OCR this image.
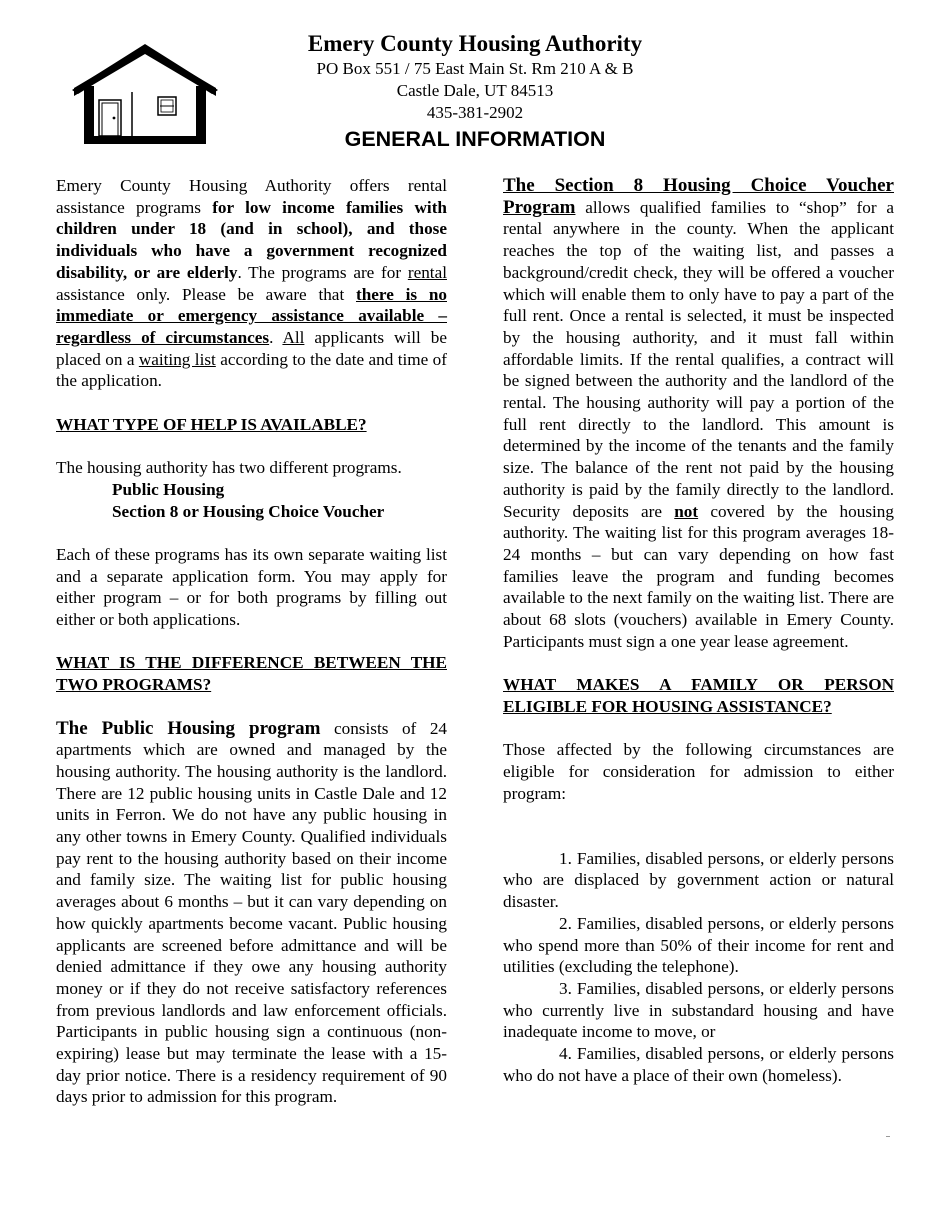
Emery County Housing Authority
PO Box 551 / 75 East Main St. Rm 210 A & B
Castle Dale, UT 84513
435-381-2902
GENERAL INFORMATION

Emery County Housing Authority offers rental assistance programs for low income families with children under 18 (and in school), and those individuals who have a government recognized disability, or are elderly. The programs are for rental assistance only. Please be aware that there is no immediate or emergency assistance available – regardless of circumstances. All applicants will be placed on a waiting list according to the date and time of the application.

WHAT TYPE OF HELP IS AVAILABLE?

The housing authority has two different programs.

Public Housing

Section 8 or Housing Choice Voucher

Each of these programs has its own separate waiting list and a separate application form. You may apply for either program – or for both programs by filling out either or both applications.

WHAT IS THE DIFFERENCE BETWEEN THE TWO PROGRAMS?

The Public Housing program consists of 24 apartments which are owned and managed by the housing authority. The housing authority is the landlord. There are 12 public housing units in Castle Dale and 12 units in Ferron. We do not have any public housing in any other towns in Emery County. Qualified individuals pay rent to the housing authority based on their income and family size. The waiting list for public housing averages about 6 months – but it can vary depending on how quickly apartments become vacant. Public housing applicants are screened before admittance and will be denied admittance if they owe any housing authority money or if they do not receive satisfactory references from previous landlords and law enforcement officials. Participants in public housing sign a continuous (non-expiring) lease but may terminate the lease with a 15-day prior notice. There is a residency requirement of 90 days prior to admission for this program.

The Section 8 Housing Choice Voucher Program allows qualified families to “shop” for a rental anywhere in the county. When the applicant reaches the top of the waiting list, and passes a background/credit check, they will be offered a voucher which will enable them to only have to pay a part of the full rent. Once a rental is selected, it must be inspected by the housing authority, and it must fall within affordable limits. If the rental qualifies, a contract will be signed between the authority and the landlord of the rental. The housing authority will pay a portion of the full rent directly to the landlord. This amount is determined by the income of the tenants and the family size. The balance of the rent not paid by the housing authority is paid by the family directly to the landlord. Security deposits are not covered by the housing authority. The waiting list for this program averages 18-24 months – but can vary depending on how fast families leave the program and funding becomes available to the next family on the waiting list. There are about 68 slots (vouchers) available in Emery County. Participants must sign a one year lease agreement.

WHAT MAKES A FAMILY OR PERSON ELIGIBLE FOR HOUSING ASSISTANCE?

Those affected by the following circumstances are eligible for consideration for admission to either program:

1. Families, disabled persons, or elderly persons who are displaced by government action or natural disaster.

2. Families, disabled persons, or elderly persons who spend more than 50% of their income for rent and utilities (excluding the telephone).

3. Families, disabled persons, or elderly persons who currently live in substandard housing and have inadequate income to move, or

4. Families, disabled persons, or elderly persons who do not have a place of their own (homeless).
